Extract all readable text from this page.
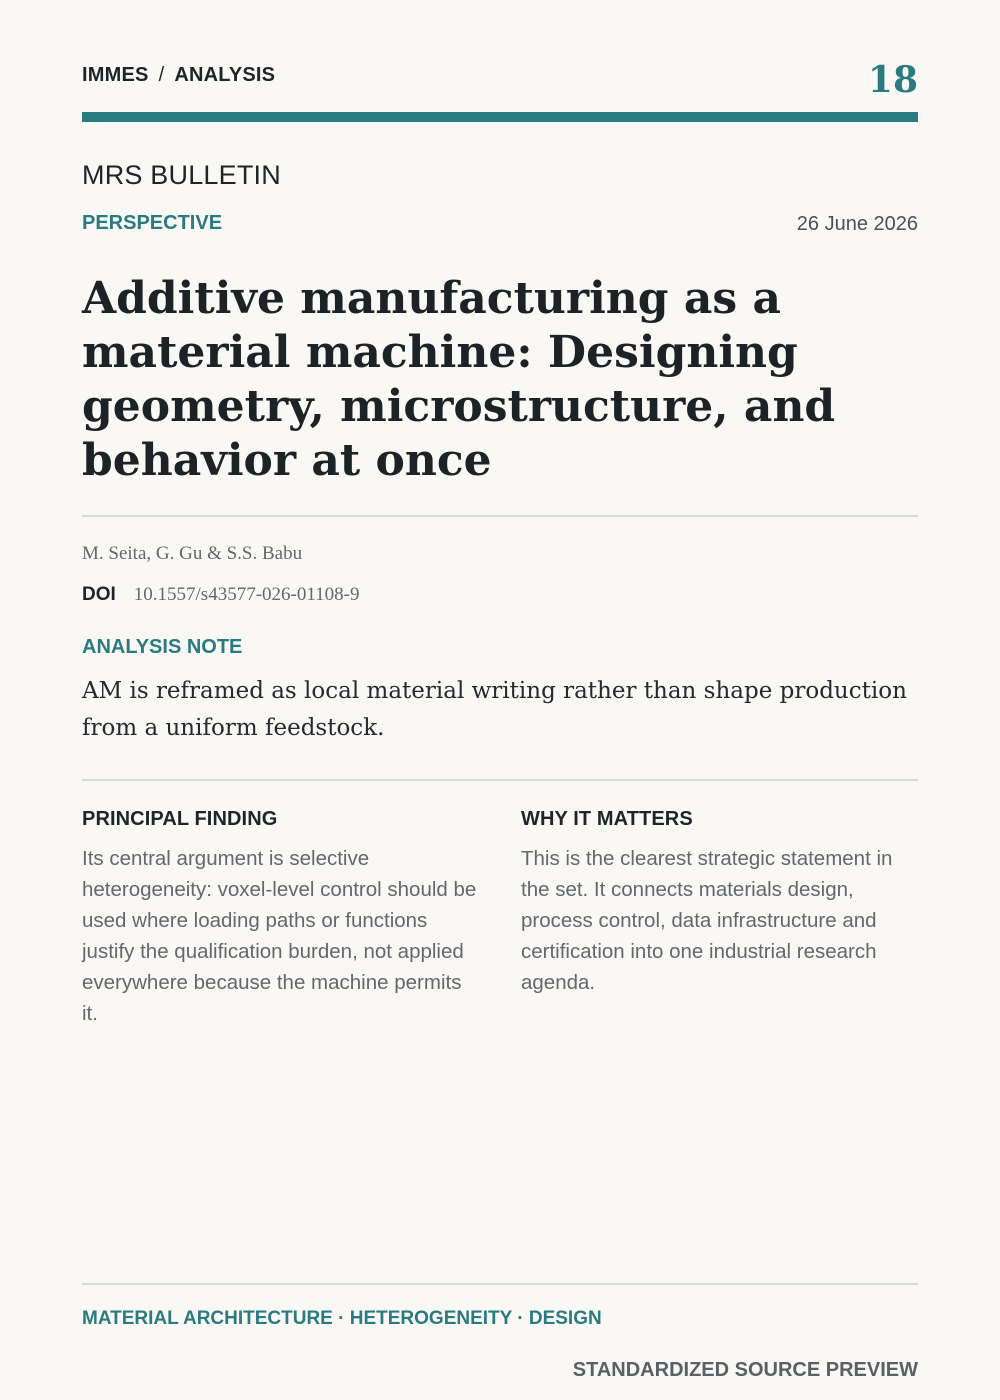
IMMES / ANALYSIS	18
MRS BULLETIN
PERSPECTIVE	26 June 2026
Additive manufacturing as a material machine: Designing geometry, microstructure, and behavior at once
M. Seita, G. Gu & S.S. Babu
DOI 10.1557/s43577-026-01108-9
ANALYSIS NOTE
AM is reframed as local material writing rather than shape production from a uniform feedstock.
PRINCIPAL FINDING
Its central argument is selective heterogeneity: voxel-level control should be used where loading paths or functions justify the qualification burden, not applied everywhere because the machine permits it.
WHY IT MATTERS
This is the clearest strategic statement in the set. It connects materials design, process control, data infrastructure and certification into one industrial research agenda.
MATERIAL ARCHITECTURE · HETEROGENEITY · DESIGN
STANDARDIZED SOURCE PREVIEW
